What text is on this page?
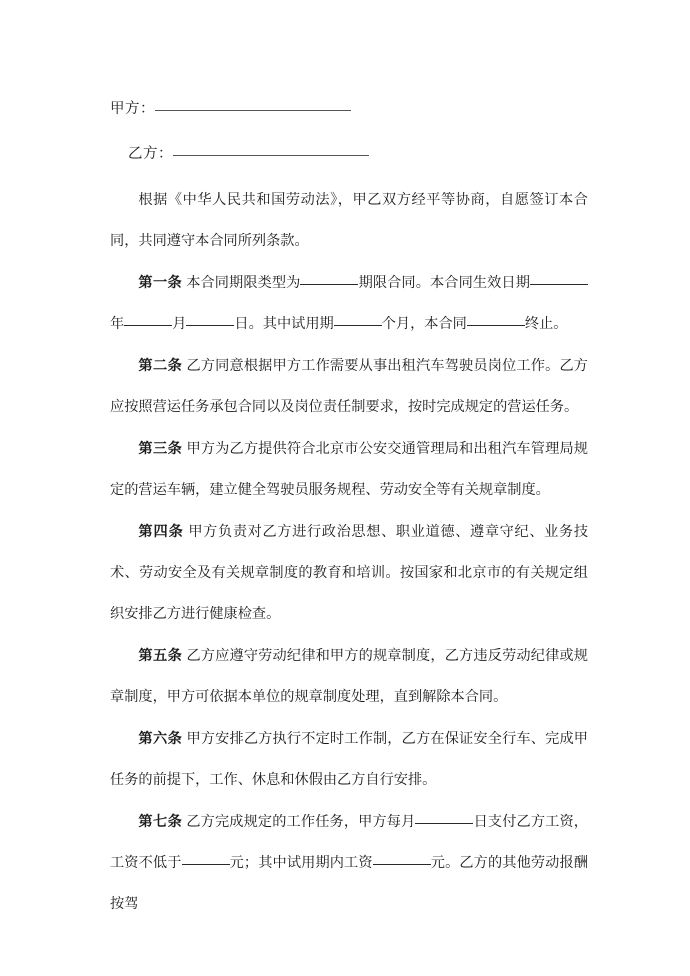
甲方：
乙方：

根据《中华人民共和国劳动法》，甲乙双方经平等协商，自愿签订本合同，共同遵守本合同所列条款。

第一条 本合同期限类型为	期限合同。本合同生效日期年	月	日。其中试用期	个月，本合同	终止。

第二条 乙方同意根据甲方工作需要从事出租汽车驾驶员岗位工作。乙方应按照营运任务承包合同以及岗位责任制要求，按时完成规定的营运任务。

第三条 甲方为乙方提供符合北京市公安交通管理局和出租汽车管理局规定的营运车辆，建立健全驾驶员服务规程、劳动安全等有关规章制度。

第四条 甲方负责对乙方进行政治思想、职业道德、遵章守纪、业务技术、劳动安全及有关规章制度的教育和培训。按国家和北京市的有关规定组织安排乙方进行健康检查。

第五条 乙方应遵守劳动纪律和甲方的规章制度，乙方违反劳动纪律或规章制度，甲方可依据本单位的规章制度处理，直到解除本合同。

第六条 甲方安排乙方执行不定时工作制，乙方在保证安全行车、完成甲任务的前提下，工作、休息和休假由乙方自行安排。

第七条 乙方完成规定的工作任务，甲方每月	日支付乙方工资，工资不低于	元；其中试用期内工资	元。乙方的其他劳动报酬按驾
